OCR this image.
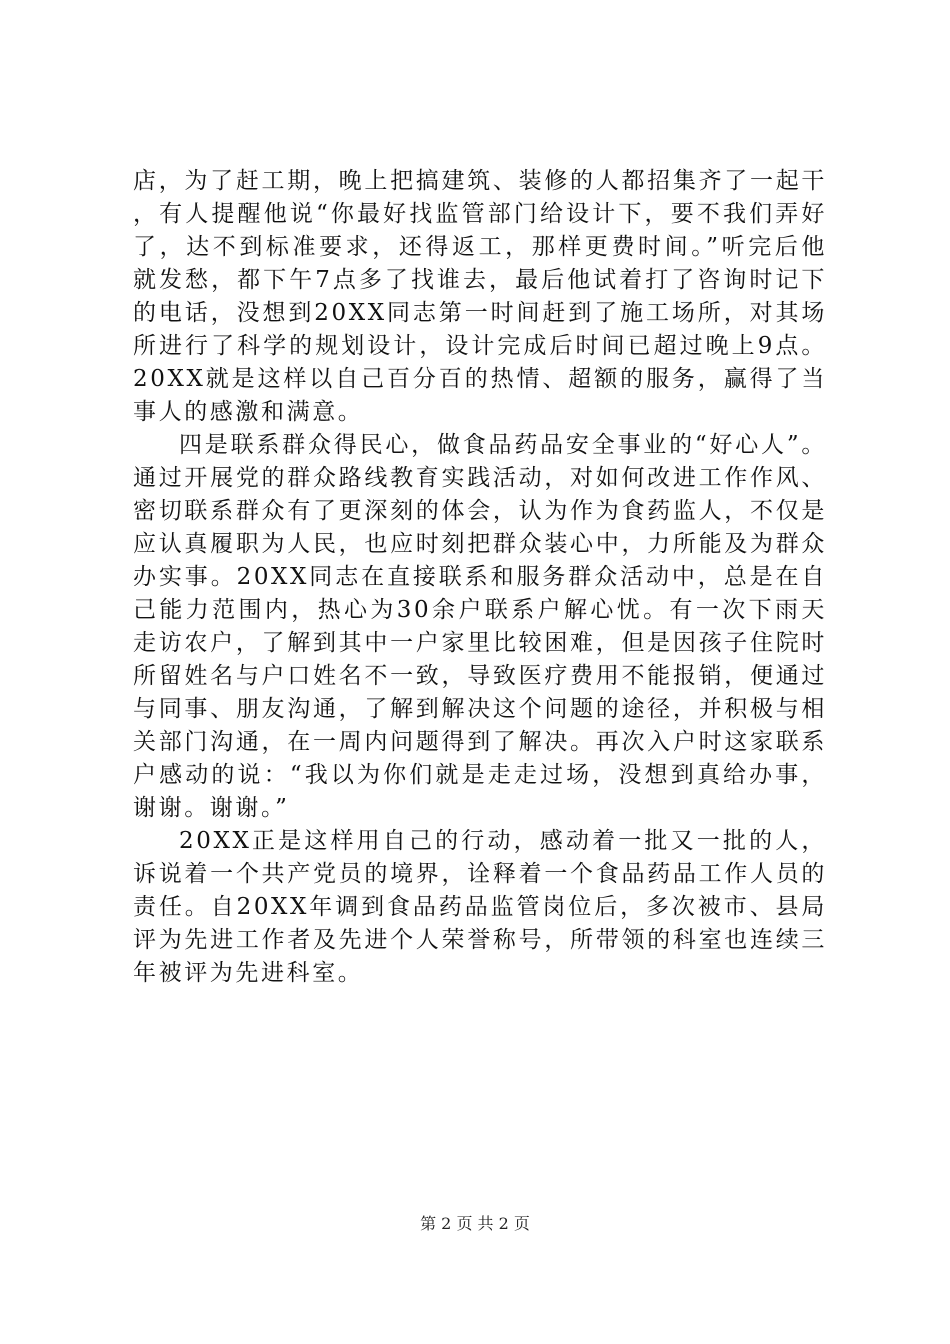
店，为了赶工期，晚上把搞建筑、装修的人都招集齐了一起干，有人提醒他说“你最好找监管部门给设计下，要不我们弄好了，达不到标准要求，还得返工，那样更费时间。”听完后他就发愁，都下午7点多了找谁去，最后他试着打了咨询时记下的电话，没想到20XX同志第一时间赶到了施工场所，对其场所进行了科学的规划设计，设计完成后时间已超过晚上9点。20XX就是这样以自己百分百的热情、超额的服务，赢得了当事人的感激和满意。

四是联系群众得民心，做食品药品安全事业的“好心人”。通过开展党的群众路线教育实践活动，对如何改进工作作风、密切联系群众有了更深刻的体会，认为作为食药监人，不仅是应认真履职为人民，也应时刻把群众装心中，力所能及为群众办实事。20XX同志在直接联系和服务群众活动中，总是在自己能力范围内，热心为30余户联系户解心忧。有一次下雨天走访农户，了解到其中一户家里比较困难，但是因孩子住院时所留姓名与户口姓名不一致，导致医疗费用不能报销，便通过与同事、朋友沟通，了解到解决这个问题的途径，并积极与相关部门沟通，在一周内问题得到了解决。再次入户时这家联系户感动的说：“我以为你们就是走走过场，没想到真给办事，谢谢。谢谢。”

20XX正是这样用自己的行动，感动着一批又一批的人，诉说着一个共产党员的境界，诠释着一个食品药品工作人员的责任。自20XX年调到食品药品监管岗位后，多次被市、县局评为先进工作者及先进个人荣誉称号，所带领的科室也连续三年被评为先进科室。

第 2 页 共 2 页
